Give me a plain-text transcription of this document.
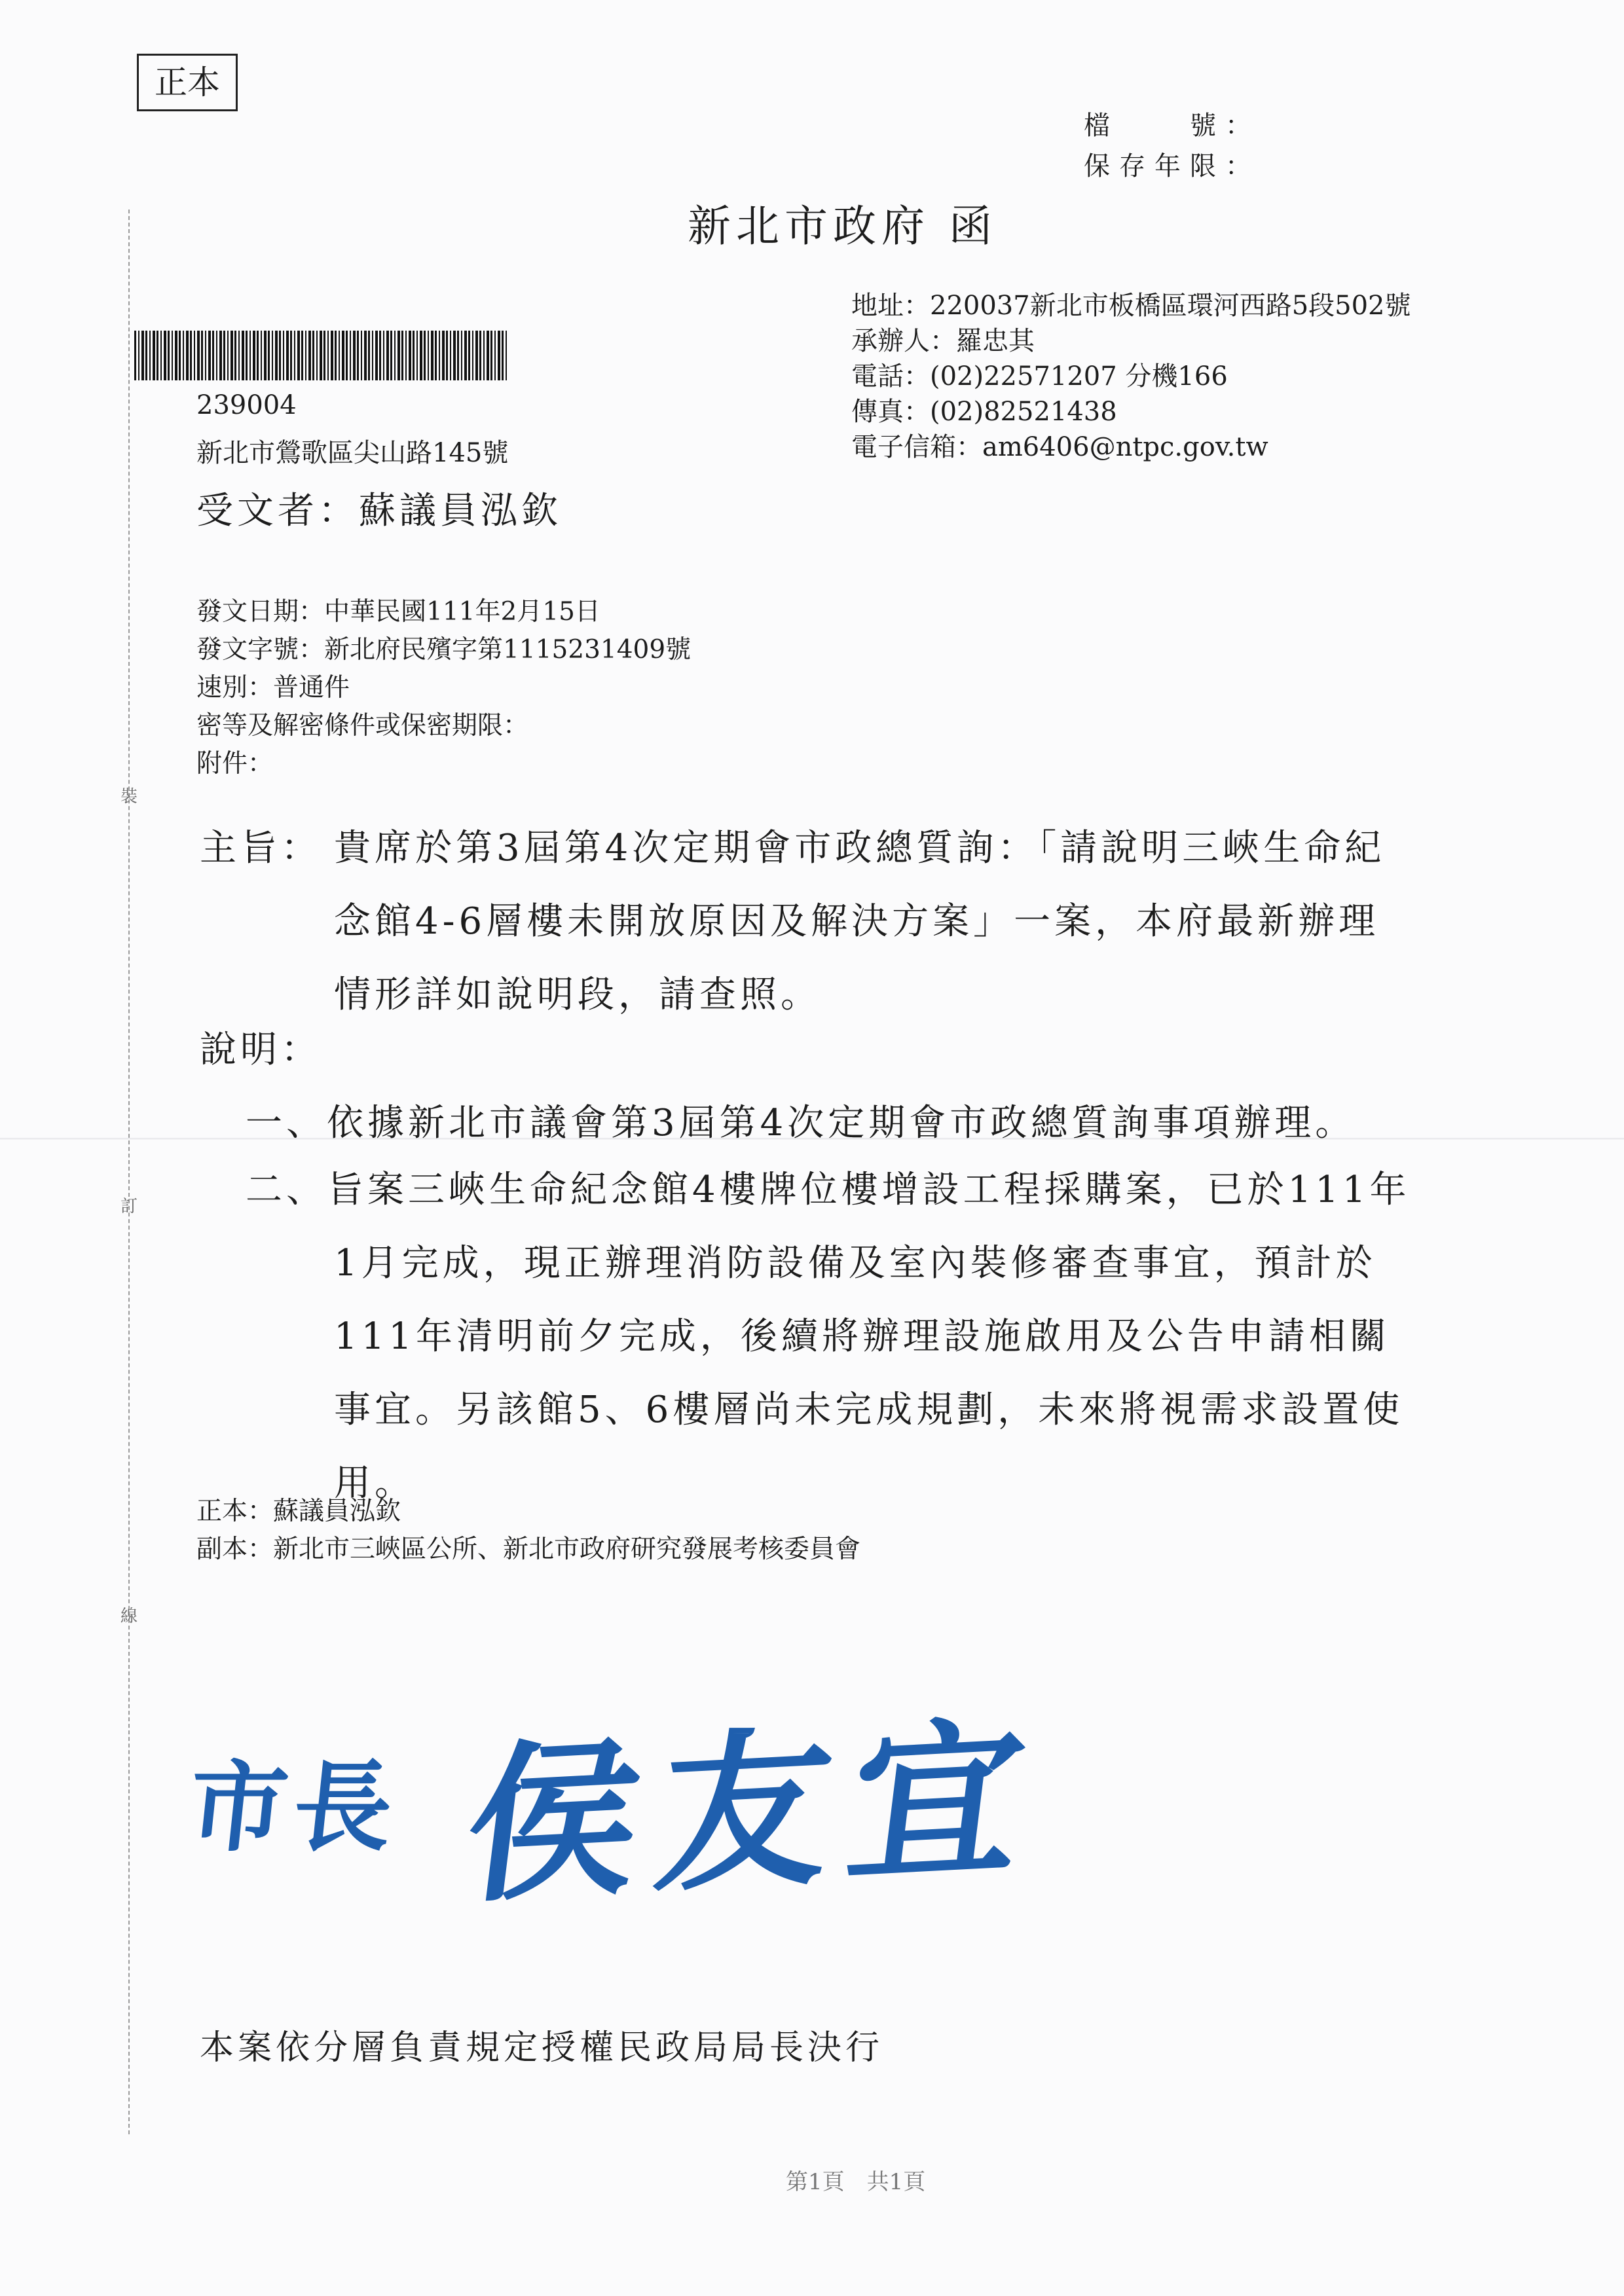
裝
訂
線
正本
檔　　號：
保存年限：
新北市政府 函
地址：220037新北市板橋區環河西路5段502號
承辦人：羅忠其
電話：(02)22571207 分機166
傳真：(02)82521438
電子信箱：am6406@ntpc.gov.tw
239004
新北市鶯歌區尖山路145號
受文者：蘇議員泓欽
發文日期：中華民國111年2月15日
發文字號：新北府民殯字第1115231409號
速別：普通件
密等及解密條件或保密期限：
附件：
主旨： 貴席於第3屆第4次定期會市政總質詢：「請說明三峽生命紀
念館4-6層樓未開放原因及解決方案」一案，本府最新辦理
情形詳如說明段，請查照。
說明：
一、依據新北市議會第3屆第4次定期會市政總質詢事項辦理。
二、旨案三峽生命紀念館4樓牌位樓增設工程採購案，已於111年
1月完成，現正辦理消防設備及室內裝修審查事宜，預計於
111年清明前夕完成，後續將辦理設施啟用及公告申請相關
事宜。另該館5、6樓層尚未完成規劃，未來將視需求設置使
用。
正本：蘇議員泓欽
副本：新北市三峽區公所、新北市政府研究發展考核委員會
市長 侯友宜
本案依分層負責規定授權民政局局長決行
第1頁　共1頁
